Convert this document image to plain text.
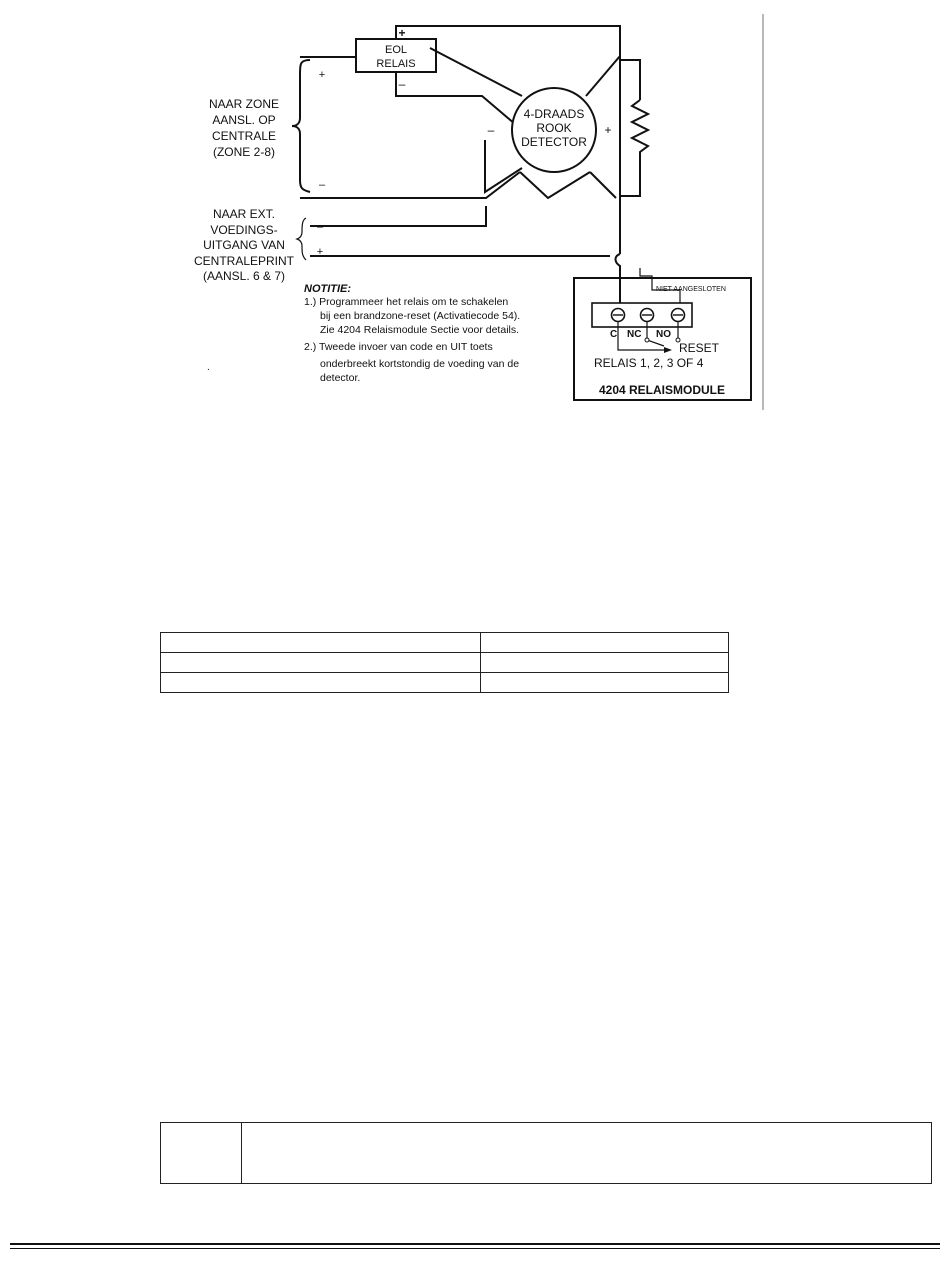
EOL
RELAIS
+
–
4-DRAADS
ROOK
DETECTOR
–	+
+
–
–
+
NAAR ZONE
AANSL. OP
CENTRALE
(ZONE 2-8)
NAAR EXT.
VOEDINGS-
UITGANG VAN
CENTRALEPRINT
(AANSL. 6 & 7)
NOTITIE:
1.) Programmeer het relais om te schakelen
bij een brandzone-reset (Activatiecode 54).
Zie 4204 Relaismodule Sectie voor details.
2.) Tweede invoer van code en UIT toets
onderbreekt kortstondig de voeding van de
detector.
.
NIET AANGESLOTEN
C NC NO
RESET
RELAIS 1, 2, 3 OF 4
4204 RELAISMODULE
